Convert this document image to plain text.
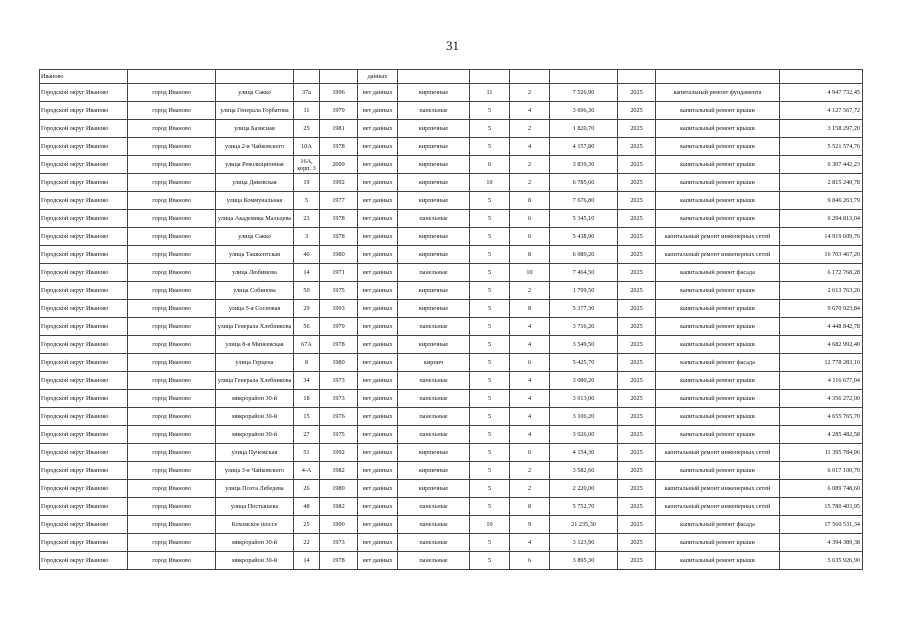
31
Иваново					данных							
Городской округ Иваново	город Иваново	улица Сакко	37а	1996	нет данных	кирпичные	11	2	7 526,90	2025	капитальный ремонт фундамента	4 947 732,45
Городской округ Иваново	город Иваново	улица Генерала Горбатова	11	1979	нет данных	панельные	5	4	3 696,30	2025	капитальный ремонт крыши	4 127 567,72
Городской округ Иваново	город Иваново	улица Базисная	25	1981	нет данных	кирпичные	5	2	1 820,70	2025	капитальный ремонт крыши	3 158 297,20
Городской округ Иваново	город Иваново	улица 2-я Чайковского	10А	1978	нет данных	кирпичные	5	4	4 157,80	2025	капитальный ремонт крыши	5 521 574,76
Городской округ Иваново	город Иваново	улица Революционная	16А, корп. 3	2009	нет данных	кирпичные	6	2	3 839,30	2025	капитальный ремонт крыши	6 307 442,23
Городской округ Иваново	город Иваново	улица Диковская	19	1992	нет данных	кирпичные	10	2	6 785,60	2025	капитальный ремонт крыши	2 815 240,78
Городской округ Иваново	город Иваново	улица Коммунальная	5	1977	нет данных	кирпичные	5	8	7 676,80	2025	капитальный ремонт крыши	9 846 263,79
Городской округ Иваново	город Иваново	улица Академика Мальцева	23	1978	нет данных	панельные	5	6	5 345,10	2025	капитальный ремонт крыши	6 294 813,04
Городской округ Иваново	город Иваново	улица Сакко	3	1978	нет данных	кирпичные	5	6	5 438,90	2025	капитальный ремонт инженерных сетей	14 919 609,76
Городской округ Иваново	город Иваново	улица Ташкентская	40	1980	нет данных	кирпичные	5	8	6 089,20	2025	капитальный ремонт инженерных сетей	16 703 467,20
Городской округ Иваново	город Иваново	улица Любимова	14	1971	нет данных	панельные	5	10	7 464,50	2025	капитальный ремонт фасада	6 172 768,28
Городской округ Иваново	город Иваново	улица Собинова	50	1975	нет данных	кирпичные	5	2	1 799,50	2025	капитальный ремонт крыши	2 613 763,20
Городской округ Иваново	город Иваново	улица 5-я Сосновая	29	1993	нет данных	кирпичные	5	8	5 377,30	2025	капитальный ремонт крыши	9 670 923,84
Городской округ Иваново	город Иваново	улица Генерала Хлебникова	56	1979	нет данных	панельные	5	4	3 716,20	2025	капитальный ремонт крыши	4 448 842,78
Городской округ Иваново	город Иваново	улица 8-я Минеевская	67А	1978	нет данных	кирпичные	5	4	3 549,50	2025	капитальный ремонт крыши	4 682 992,40
Городской округ Иваново	город Иваново	улица Герцена	8	1980	нет данных	кирпич	5	6	5 425,70	2025	капитальный ремонт фасада	12 778 283,10
Городской округ Иваново	город Иваново	улица Генерала Хлебникова	34	1973	нет данных	панельные	5	4	3 080,20	2025	капитальный ремонт крыши	4 116 677,04
Городской округ Иваново	город Иваново	микрорайон 30-й	18	1973	нет данных	панельные	5	4	3 013,00	2025	капитальный ремонт крыши	4 356 272,00
Городской округ Иваново	город Иваново	микрорайон 30-й	15	1976	нет данных	панельные	5	4	3 106,20	2025	капитальный ремонт крыши	4 655 765,70
Городской округ Иваново	город Иваново	микрорайон 30-й	27	1975	нет данных	панельные	5	4	3 026,00	2025	капитальный ремонт крыши	4 285 482,58
Городской округ Иваново	город Иваново	улица Пучежская	51	1992	нет данных	кирпичные	5	6	4 154,30	2025	капитальный ремонт инженерных сетей	11 395 784,96
Городской округ Иваново	город Иваново	улица 3-я Чайковского	4-А	1982	нет данных	кирпичные	5	2	3 582,60	2025	капитальный ремонт крыши	6 017 100,70
Городской округ Иваново	город Иваново	улица Поэта Лебедева	26	1980	нет данных	кирпичные	5	2	2 220,00	2025	капитальный ремонт инженерных сетей	6 089 748,60
Городской округ Иваново	город Иваново	улица Постышева	48	1982	нет данных	панельные	5	8	5 752,70	2025	капитальный ремонт инженерных сетей	15 780 403,95
Городской округ Иваново	город Иваново	Кохомское шоссе	25	1990	нет данных	панельные	10	9	21 235,30	2025	капитальный ремонт фасада	17 560 531,34
Городской округ Иваново	город Иваново	микрорайон 30-й	22	1973	нет данных	панельные	5	4	3 123,90	2025	капитальный ремонт крыши	4 394 389,38
Городской округ Иваново	город Иваново	микрорайон 30-й	14	1978	нет данных	панельные	5	6	3 895,30	2025	капитальный ремонт крыши	5 635 926,90
